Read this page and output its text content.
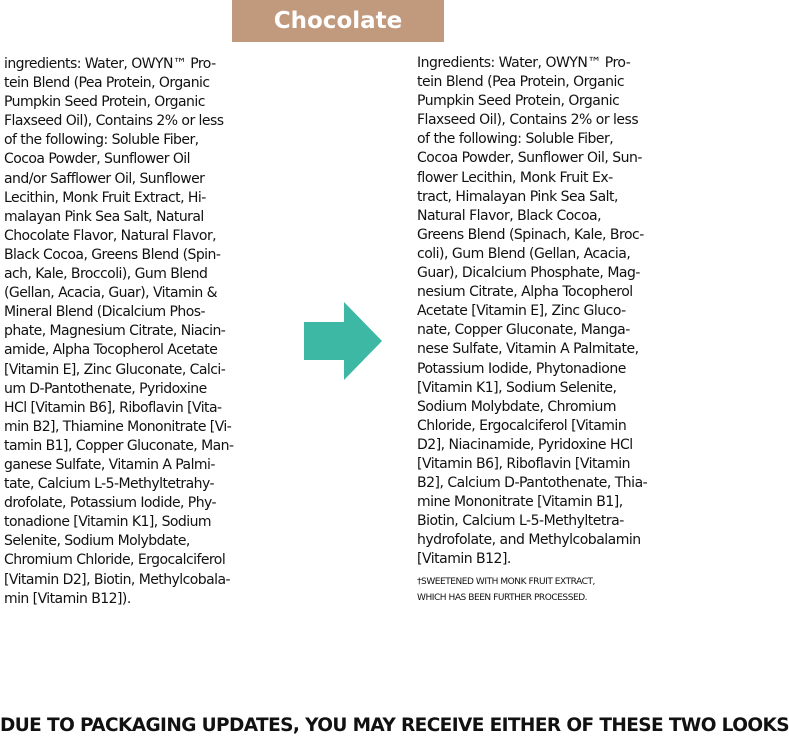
Chocolate

ingredients: Water, OWYN™ Pro-
tein Blend (Pea Protein, Organic
Pumpkin Seed Protein, Organic
Flaxseed Oil), Contains 2% or less
of the following: Soluble Fiber,
Cocoa Powder, Sunflower Oil
and/or Safflower Oil, Sunflower
Lecithin, Monk Fruit Extract, Hi-
malayan Pink Sea Salt, Natural
Chocolate Flavor, Natural Flavor,
Black Cocoa, Greens Blend (Spin-
ach, Kale, Broccoli), Gum Blend
(Gellan, Acacia, Guar), Vitamin &
Mineral Blend (Dicalcium Phos-
phate, Magnesium Citrate, Niacin-
amide, Alpha Tocopherol Acetate
[Vitamin E], Zinc Gluconate, Calci-
um D-Pantothenate, Pyridoxine
HCl [Vitamin B6], Riboflavin [Vita-
min B2], Thiamine Mononitrate [Vi-
tamin B1], Copper Gluconate, Man-
ganese Sulfate, Vitamin A Palmi-
tate, Calcium L-5-Methyltetrahy-
drofolate, Potassium Iodide, Phy-
tonadione [Vitamin K1], Sodium
Selenite, Sodium Molybdate,
Chromium Chloride, Ergocalciferol
[Vitamin D2], Biotin, Methylcobala-
min [Vitamin B12]).

Ingredients: Water, OWYN™ Pro-
tein Blend (Pea Protein, Organic
Pumpkin Seed Protein, Organic
Flaxseed Oil), Contains 2% or less
of the following: Soluble Fiber,
Cocoa Powder, Sunflower Oil, Sun-
flower Lecithin, Monk Fruit Ex-
tract, Himalayan Pink Sea Salt,
Natural Flavor, Black Cocoa,
Greens Blend (Spinach, Kale, Broc-
coli), Gum Blend (Gellan, Acacia,
Guar), Dicalcium Phosphate, Mag-
nesium Citrate, Alpha Tocopherol
Acetate [Vitamin E], Zinc Gluco-
nate, Copper Gluconate, Manga-
nese Sulfate, Vitamin A Palmitate,
Potassium Iodide, Phytonadione
[Vitamin K1], Sodium Selenite,
Sodium Molybdate, Chromium
Chloride, Ergocalciferol [Vitamin
D2], Niacinamide, Pyridoxine HCl
[Vitamin B6], Riboflavin [Vitamin
B2], Calcium D-Pantothenate, Thia-
mine Mononitrate [Vitamin B1],
Biotin, Calcium L-5-Methyltetra-
hydrofolate, and Methylcobalamin
[Vitamin B12].

†SWEETENED WITH MONK FRUIT EXTRACT,
WHICH HAS BEEN FURTHER PROCESSED.

DUE TO PACKAGING UPDATES, YOU MAY RECEIVE EITHER OF THESE TWO LOOKS
